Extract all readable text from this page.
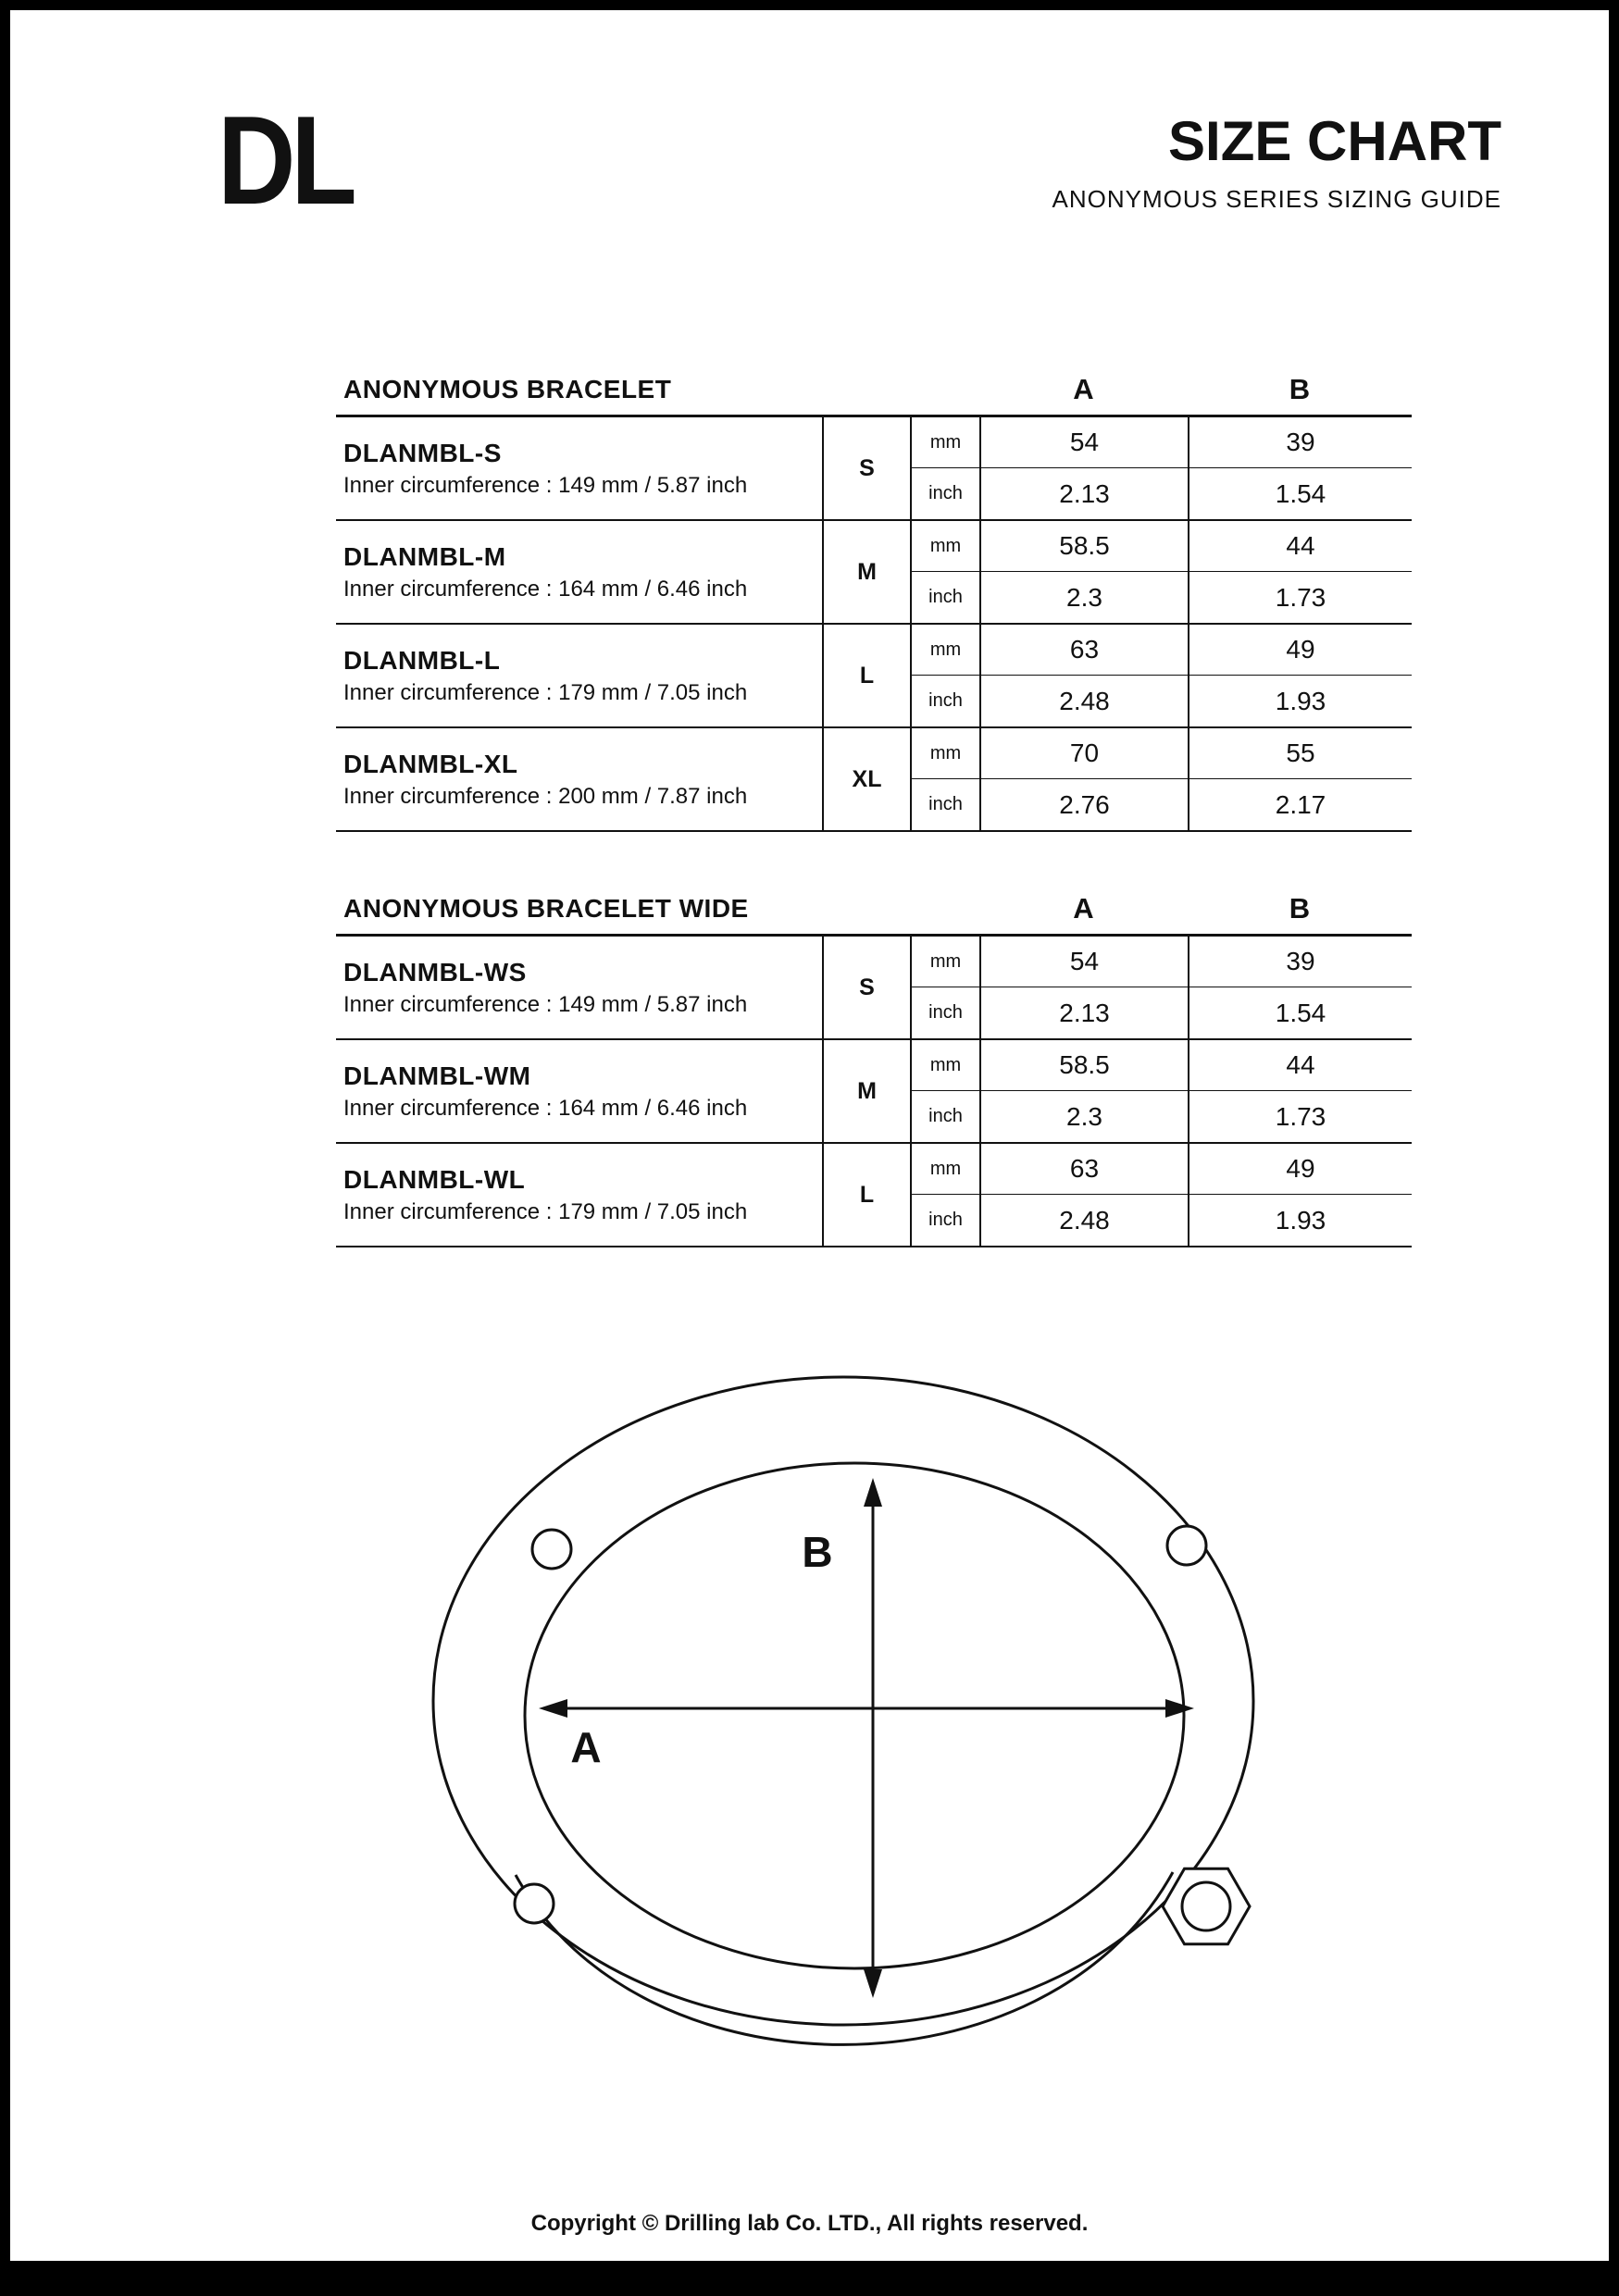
DL	SIZE CHART
ANONYMOUS SERIES SIZING GUIDE
ANONYMOUS BRACELET	A	B
DLANMBL-S
Inner circumference : 149 mm / 5.87 inch
S
mm	54	39
inch	2.13	1.54
DLANMBL-M
Inner circumference : 164 mm / 6.46 inch
M
mm	58.5	44
inch	2.3	1.73
DLANMBL-L
Inner circumference : 179 mm / 7.05 inch
L
mm	63	49
inch	2.48	1.93
DLANMBL-XL
Inner circumference : 200 mm / 7.87 inch
XL
mm	70	55
inch	2.76	2.17
ANONYMOUS BRACELET WIDE	A	B
DLANMBL-WS
Inner circumference : 149 mm / 5.87 inch
S
mm	54	39
inch	2.13	1.54
DLANMBL-WM
Inner circumference : 164 mm / 6.46 inch
M
mm	58.5	44
inch	2.3	1.73
DLANMBL-WL
Inner circumference : 179 mm / 7.05 inch
L
mm	63	49
inch	2.48	1.93
B
A
Copyright © Drilling lab Co. LTD., All rights reserved.
